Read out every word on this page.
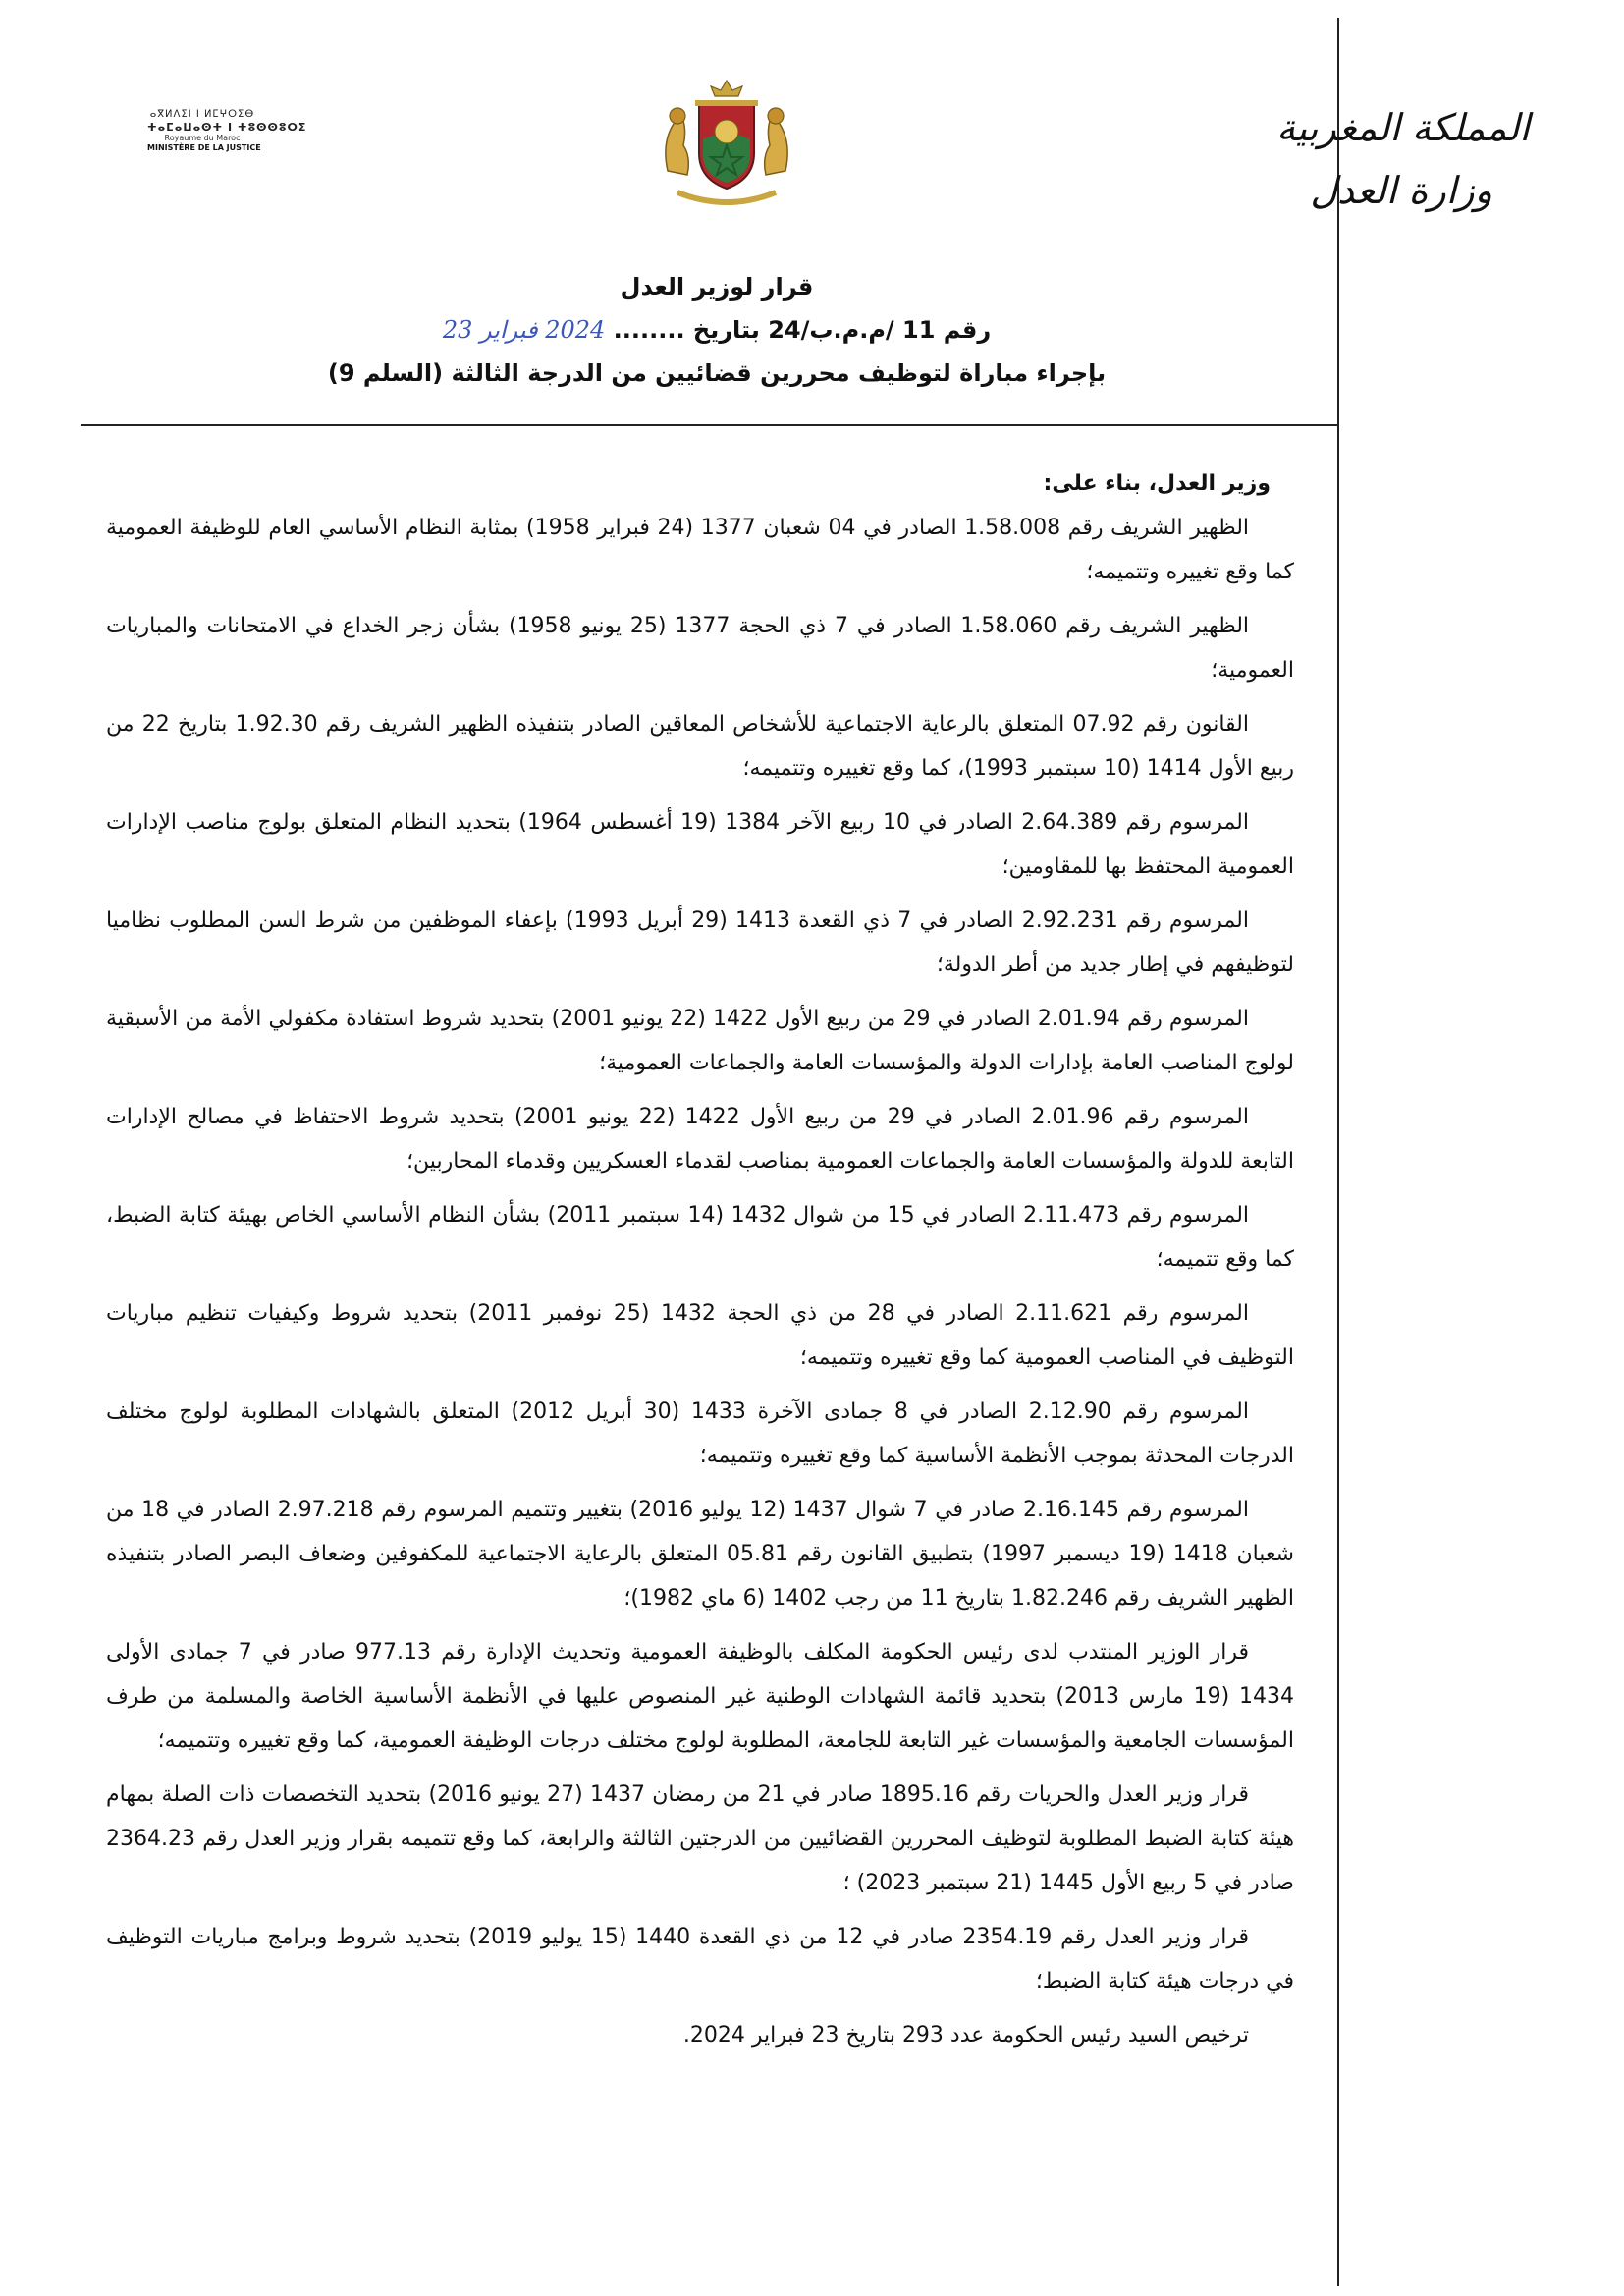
المملكة المغربية
وزارة العدل
ⴰⴳⵍⴷⵉⵏ ⵏ ⵍⵎⵖⵔⵉⴱ
ⵜⴰⵎⴰⵡⴰⵙⵜ ⵏ ⵜⵓⵙⵙⵓⵔⵉ
Royaume du Maroc
MINISTÈRE DE LA JUSTICE
قرار لوزير العدل
رقم 11 /م.م.ب/24 بتاريخ ........ 2024 فبراير 23
بإجراء مباراة لتوظيف محررين قضائيين من الدرجة الثالثة (السلم 9)
وزير العدل، بناء على:

الظهير الشريف رقم 1.58.008 الصادر في 04 شعبان 1377 (24 فبراير 1958) بمثابة النظام الأساسي العام للوظيفة العمومية كما وقع تغييره وتتميمه؛

الظهير الشريف رقم 1.58.060 الصادر في 7 ذي الحجة 1377 (25 يونيو 1958) بشأن زجر الخداع في الامتحانات والمباريات العمومية؛

القانون رقم 07.92 المتعلق بالرعاية الاجتماعية للأشخاص المعاقين الصادر بتنفيذه الظهير الشريف رقم 1.92.30 بتاريخ 22 من ربيع الأول 1414 (10 سبتمبر 1993)، كما وقع تغييره وتتميمه؛

المرسوم رقم 2.64.389 الصادر في 10 ربيع الآخر 1384 (19 أغسطس 1964) بتحديد النظام المتعلق بولوج مناصب الإدارات العمومية المحتفظ بها للمقاومين؛

المرسوم رقم 2.92.231 الصادر في 7 ذي القعدة 1413 (29 أبريل 1993) بإعفاء الموظفين من شرط السن المطلوب نظاميا لتوظيفهم في إطار جديد من أطر الدولة؛

المرسوم رقم 2.01.94 الصادر في 29 من ربيع الأول 1422 (22 يونيو 2001) بتحديد شروط استفادة مكفولي الأمة من الأسبقية لولوج المناصب العامة بإدارات الدولة والمؤسسات العامة والجماعات العمومية؛

المرسوم رقم 2.01.96 الصادر في 29 من ربيع الأول 1422 (22 يونيو 2001) بتحديد شروط الاحتفاظ في مصالح الإدارات التابعة للدولة والمؤسسات العامة والجماعات العمومية بمناصب لقدماء العسكريين وقدماء المحاربين؛

المرسوم رقم 2.11.473 الصادر في 15 من شوال 1432 (14 سبتمبر 2011) بشأن النظام الأساسي الخاص بهيئة كتابة الضبط، كما وقع تتميمه؛

المرسوم رقم 2.11.621 الصادر في 28 من ذي الحجة 1432 (25 نوفمبر 2011) بتحديد شروط وكيفيات تنظيم مباريات التوظيف في المناصب العمومية كما وقع تغييره وتتميمه؛

المرسوم رقم 2.12.90 الصادر في 8 جمادى الآخرة 1433 (30 أبريل 2012) المتعلق بالشهادات المطلوبة لولوج مختلف الدرجات المحدثة بموجب الأنظمة الأساسية كما وقع تغييره وتتميمه؛

المرسوم رقم 2.16.145 صادر في 7 شوال 1437 (12 يوليو 2016) بتغيير وتتميم المرسوم رقم 2.97.218 الصادر في 18 من شعبان 1418 (19 ديسمبر 1997) بتطبيق القانون رقم 05.81 المتعلق بالرعاية الاجتماعية للمكفوفين وضعاف البصر الصادر بتنفيذه الظهير الشريف رقم 1.82.246 بتاريخ 11 من رجب 1402 (6 ماي 1982)؛

قرار الوزير المنتدب لدى رئيس الحكومة المكلف بالوظيفة العمومية وتحديث الإدارة رقم 977.13 صادر في 7 جمادى الأولى 1434 (19 مارس 2013) بتحديد قائمة الشهادات الوطنية غير المنصوص عليها في الأنظمة الأساسية الخاصة والمسلمة من طرف المؤسسات الجامعية والمؤسسات غير التابعة للجامعة، المطلوبة لولوج مختلف درجات الوظيفة العمومية، كما وقع تغييره وتتميمه؛

قرار وزير العدل والحريات رقم 1895.16 صادر في 21 من رمضان 1437 (27 يونيو 2016) بتحديد التخصصات ذات الصلة بمهام هيئة كتابة الضبط المطلوبة لتوظيف المحررين القضائيين من الدرجتين الثالثة والرابعة، كما وقع تتميمه بقرار وزير العدل رقم 2364.23 صادر في 5 ربيع الأول 1445 (21 سبتمبر 2023) ؛

قرار وزير العدل رقم 2354.19 صادر في 12 من ذي القعدة 1440 (15 يوليو 2019) بتحديد شروط وبرامج مباريات التوظيف في درجات هيئة كتابة الضبط؛

ترخيص السيد رئيس الحكومة عدد 293 بتاريخ 23 فبراير 2024.
